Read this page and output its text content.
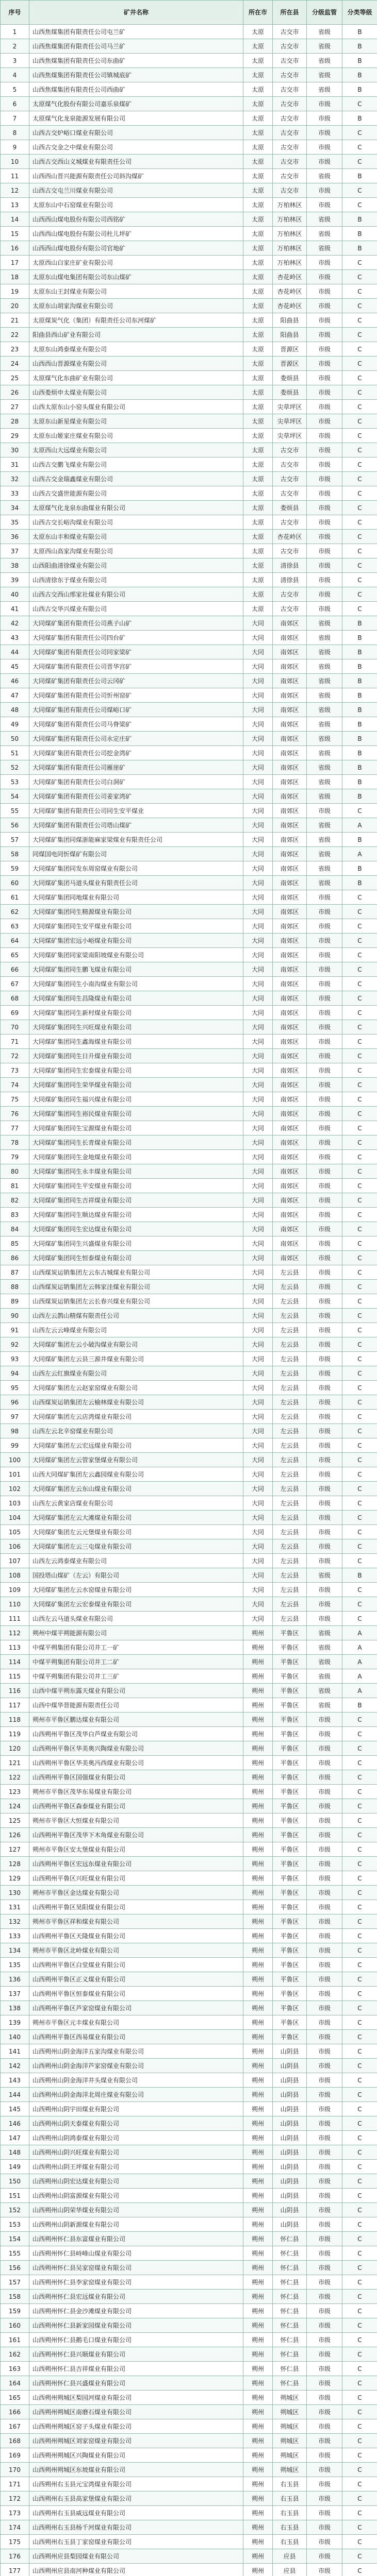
序号	矿井名称	所在市	所在县	分级监管	分类等级
1	山西焦煤集团有限责任公司屯兰矿	太原	古交市	省级	B
2	山西焦煤集团有限责任公司马兰矿	太原	古交市	省级	B
3	山西焦煤集团有限责任公司东曲矿	太原	古交市	省级	B
4	山西焦煤集团有限责任公司镇城底矿	太原	古交市	省级	B
5	山西焦煤集团有限责任公司西曲矿	太原	古交市	省级	B
6	太原煤气化股份有限公司嘉乐泉煤矿	太原	古交市	市级	C
7	太原煤气化龙泉能源发展有限公司	太原	古交市	市级	B
8	山西古交炉峪口煤业有限公司	太原	古交市	市级	C
9	山西古交金之中煤业有限公司	太原	古交市	市级	C
10	山西古交西山义城煤业有限责任公司	太原	古交市	市级	C
11	山西西山晋兴能源有限责任公司斜沟煤矿	太原	古交市	省级	B
12	山西古交屯兰川煤业有限公司	太原	古交市	市级	C
13	太原东山中石窑煤业有限公司	太原	万柏林区	市级	C
14	山西西山煤电股份有限公司西铭矿	太原	万柏林区	省级	B
15	山西西山煤电股份有限公司杜儿坪矿	太原	万柏林区	省级	B
16	山西西山煤电股份有限公司官地矿	太原	万柏林区	省级	B
17	太原西山白家庄矿业有限公司	太原	万柏林区	市级	C
18	太原东山煤电集团有限公司东山煤矿	太原	杏花岭区	市级	C
19	太原东山王封煤业有限公司	太原	杏花岭区	市级	C
20	太原东山胡家沟煤业有限公司	太原	杏花岭区	市级	C
21	太原煤炭气化（集团）有限责任公司东河煤矿	太原	阳曲县	市级	C
22	阳曲县西山矿业有限公司	太原	阳曲县	市级	C
23	太原东山鸿泰煤业有限公司	太原	晋源区	市级	C
24	山西西山晋源煤业有限公司	太原	晋源区	市级	C
25	太原煤气化东曲矿业有限公司	太原	娄烦县	市级	C
26	山西娄烦申太煤业有限公司	太原	娄烦县	市级	C
27	山西太原东山小窑头煤业有限公司	太原	尖草坪区	市级	C
28	太原东山新星煤业有限公司	太原	尖草坪区	市级	C
29	太原东山姬家庄煤业有限公司	太原	尖草坪区	市级	C
30	太原西山大远煤业有限公司	太原	古交市	市级	C
31	山西古交鹏飞煤业有限公司	太原	古交市	市级	C
32	山西古交金瑞鑫煤业有限公司	太原	古交市	市级	C
33	山西古交盛世能源有限公司	太原	古交市	市级	C
34	太原煤气化龙泉东曲煤业有限公司	太原	娄烦县	市级	C
35	山西古交长峪沟煤业有限公司	太原	古交市	市级	C
36	太原东山丰和煤业有限公司	太原	杏花岭区	市级	C
37	太原西山高家沟煤业有限公司	太原	古交市	市级	C
38	山西阳曲清徐煤业有限公司	太原	清徐县	市级	C
39	山西清徐东于煤业有限公司	太原	清徐县	市级	C
40	山西古交西山邢家社煤业有限公司	太原	古交市	市级	C
41	山西古交华兴煤业有限公司	太原	古交市	市级	C
42	大同煤矿集团有限责任公司燕子山矿	大同	南郊区	省级	B
43	大同煤矿集团有限责任公司四台矿	大同	南郊区	省级	B
44	大同煤矿集团有限责任公司同家梁矿	大同	南郊区	省级	B
45	大同煤矿集团有限责任公司晋华宫矿	大同	南郊区	省级	B
46	大同煤矿集团有限责任公司云冈矿	大同	南郊区	省级	B
47	大同煤矿集团有限责任公司忻州窑矿	大同	南郊区	省级	B
48	大同煤矿集团有限责任公司煤峪口矿	大同	南郊区	省级	B
49	大同煤矿集团有限责任公司马脊梁矿	大同	南郊区	省级	B
50	大同煤矿集团有限责任公司永定庄矿	大同	南郊区	省级	B
51	大同煤矿集团有限责任公司挖金湾矿	大同	南郊区	省级	B
52	大同煤矿集团有限责任公司雁崖矿	大同	南郊区	省级	B
53	大同煤矿集团有限责任公司白洞矿	大同	南郊区	省级	B
54	大同煤矿集团有限责任公司姜家湾矿	大同	南郊区	省级	B
55	大同煤矿集团有限责任公司同生安平煤业	大同	南郊区	市级	C
56	大同煤矿集团有限责任公司塔山煤矿	大同	南郊区	省级	A
57	大同煤矿集团同煤浙能麻家梁煤业有限责任公司	大同	南郊区	省级	B
58	同煤国电同忻煤矿有限公司	大同	南郊区	省级	A
59	大同煤矿集团同发东周窑煤业有限公司	大同	南郊区	省级	B
60	大同煤矿集团马道头煤业有限责任公司	大同	南郊区	省级	B
61	大同煤矿集团同地煤业有限公司	大同	南郊区	市级	C
62	大同煤矿集团同生精源煤业有限公司	大同	南郊区	市级	C
63	大同煤矿集团同生安平煤业有限公司	大同	南郊区	市级	C
64	大同煤矿集团宏远小峪煤业有限公司	大同	南郊区	市级	C
65	大同煤矿集团同家梁南阳坡煤业有限公司	大同	南郊区	市级	C
66	大同煤矿集团同生鹏飞煤业有限公司	大同	南郊区	市级	C
67	大同煤矿集团同生小南沟煤业有限公司	大同	南郊区	市级	C
68	大同煤矿集团同生昌隆煤业有限公司	大同	南郊区	市级	C
69	大同煤矿集团同生新村煤业有限公司	大同	南郊区	市级	C
70	大同煤矿集团同生兴旺煤业有限公司	大同	南郊区	市级	C
71	大同煤矿集团同生鑫海煤业有限公司	大同	南郊区	市级	C
72	大同煤矿集团同生日升煤业有限公司	大同	南郊区	市级	C
73	大同煤矿集团同生宏泰煤业有限公司	大同	南郊区	市级	C
74	大同煤矿集团同生荣华煤业有限公司	大同	南郊区	市级	C
75	大同煤矿集团同生福兴煤业有限公司	大同	南郊区	市级	C
76	大同煤矿集团同生裕民煤业有限公司	大同	南郊区	市级	C
77	大同煤矿集团同生宝源煤业有限公司	大同	南郊区	市级	C
78	大同煤矿集团同生长青煤业有限公司	大同	南郊区	市级	C
79	大同煤矿集团同生金地煤业有限公司	大同	南郊区	市级	C
80	大同煤矿集团同生永丰煤业有限公司	大同	南郊区	市级	C
81	大同煤矿集团同生平安煤业有限公司	大同	南郊区	市级	C
82	大同煤矿集团同生吉祥煤业有限公司	大同	南郊区	市级	C
83	大同煤矿集团同生顺达煤业有限公司	大同	南郊区	市级	C
84	大同煤矿集团同生宏达煤业有限公司	大同	南郊区	市级	C
85	大同煤矿集团同生兴盛煤业有限公司	大同	南郊区	市级	C
86	大同煤矿集团同生恒泰煤业有限公司	大同	南郊区	市级	C
87	山西煤炭运销集团左云东古城煤业有限公司	大同	左云县	市级	C
88	山西煤炭运销集团左云韩家洼煤业有限公司	大同	左云县	市级	C
89	山西煤炭运销集团左云长春兴煤业有限公司	大同	左云县	市级	C
90	山西左云鹊山精煤有限责任公司	大同	左云县	市级	C
91	山西左云云峰煤业有限公司	大同	左云县	市级	C
92	大同煤矿集团左云小破沟煤业有限公司	大同	左云县	市级	C
93	大同煤矿集团左云县三源井煤业有限公司	大同	左云县	市级	C
94	山西左云红旗煤业有限公司	大同	左云县	市级	C
95	大同煤矿集团左云赵家窑煤业有限公司	大同	左云县	市级	C
96	山西煤炭运销集团左云榆林煤业有限公司	大同	左云县	市级	C
97	大同煤矿集团左云店湾煤业有限公司	大同	左云县	市级	C
98	山西左云北辛窑煤业有限公司	大同	左云县	市级	C
99	大同煤矿集团左云宏远煤业有限公司	大同	左云县	市级	C
100	大同煤矿集团左云管家堡煤业有限公司	大同	左云县	市级	C
101	山西大同煤矿集团左云鑫园煤业有限公司	大同	左云县	市级	C
102	大同煤矿集团左云东山煤业有限公司	大同	左云县	市级	C
103	山西左云黄家店煤业有限公司	大同	左云县	市级	C
104	大同煤矿集团左云大滩煤业有限公司	大同	左云县	市级	C
105	大同煤矿集团左云元堡煤业有限公司	大同	左云县	市级	C
106	大同煤矿集团左云三屯煤业有限公司	大同	左云县	市级	C
107	山西左云鸿泰煤业有限公司	大同	左云县	市级	C
108	国投塔山煤矿（左云）有限公司	大同	左云县	省级	B
109	大同煤矿集团左云水窑煤业有限公司	大同	左云县	市级	C
110	大同煤矿集团左云宏泰煤业有限公司	大同	左云县	市级	C
111	山西左云马道头煤业有限公司	大同	左云县	市级	C
112	朔州中煤平朔能源有限公司	朔州	平鲁区	省级	A
113	中煤平朔集团有限公司井工一矿	朔州	平鲁区	省级	A
114	中煤平朔集团有限公司井工二矿	朔州	平鲁区	省级	A
115	中煤平朔集团有限公司井工三矿	朔州	平鲁区	省级	A
116	山西中煤平朔东露天煤业有限公司	朔州	平鲁区	省级	A
117	山西中煤华晋能源有限责任公司	朔州	平鲁区	省级	B
118	朔州市平鲁区鹏达煤业有限公司	朔州	平鲁区	市级	C
119	山西朔州平鲁区茂华白芦煤业有限公司	朔州	平鲁区	市级	C
120	山西朔州平鲁区华美奥兴陶煤业有限公司	朔州	平鲁区	市级	C
121	山西朔州平鲁区华美奥冯西煤业有限公司	朔州	平鲁区	市级	C
122	山西朔州平鲁区国强煤业有限公司	朔州	平鲁区	市级	C
123	朔州市平鲁区茂华东易煤业有限公司	朔州	平鲁区	市级	C
124	山西朔州平鲁区森泰煤业有限公司	朔州	平鲁区	市级	C
125	朔州市平鲁区大恒煤业有限公司	朔州	平鲁区	市级	C
126	山西朔州平鲁区茂华下木角煤业有限公司	朔州	平鲁区	市级	C
127	朔州市平鲁区安太堡煤业有限公司	朔州	平鲁区	市级	C
128	山西朔州平鲁区宏远东煤业有限公司	朔州	平鲁区	市级	C
129	山西朔州平鲁区兴旺煤业有限公司	朔州	平鲁区	市级	C
130	朔州市平鲁区金达煤业有限公司	朔州	平鲁区	市级	C
131	山西朔州平鲁区昊阳煤业有限公司	朔州	平鲁区	市级	C
132	朔州市平鲁区祥和煤业有限公司	朔州	平鲁区	市级	C
133	山西朔州平鲁区天隆煤业有限公司	朔州	平鲁区	市级	C
134	朔州市平鲁区北岭煤业有限公司	朔州	平鲁区	市级	C
135	山西朔州平鲁区白堂煤业有限公司	朔州	平鲁区	市级	C
136	山西朔州平鲁区正义煤业有限公司	朔州	平鲁区	市级	C
137	山西朔州平鲁区恒泰煤业有限公司	朔州	平鲁区	市级	C
138	山西朔州平鲁区芦家窑煤业有限公司	朔州	平鲁区	市级	C
139	朔州市平鲁区元丰煤业有限公司	朔州	平鲁区	市级	C
140	山西朔州平鲁区西易煤业有限公司	朔州	平鲁区	市级	C
141	山西朔州山阴金海洋五家沟煤业有限公司	朔州	山阴县	市级	C
142	山西朔州山阴金海洋芦家窑煤业有限公司	朔州	山阴县	市级	C
143	山西朔州山阴金海洋井头煤业有限公司	朔州	山阴县	市级	C
144	山西朔州山阴金海洋北周庄煤业有限公司	朔州	山阴县	市级	C
145	山西朔州山阴宇田煤业有限公司	朔州	山阴县	市级	C
146	山西朔州山阴天泰煤业有限公司	朔州	山阴县	市级	C
147	山西朔州山阴鸿泰煤业有限公司	朔州	山阴县	市级	C
148	山西朔州山阴兴旺煤业有限公司	朔州	山阴县	市级	C
149	山西朔州山阴王坪煤业有限公司	朔州	山阴县	市级	C
150	山西朔州山阴宏达煤业有限公司	朔州	山阴县	市级	C
151	山西朔州山阴富源煤业有限公司	朔州	山阴县	市级	C
152	山西朔州山阴荣华煤业有限公司	朔州	山阴县	市级	C
153	山西朔州山阴新源煤业有限公司	朔州	山阴县	市级	C
154	山西朔州怀仁县东富煤业有限公司	朔州	怀仁县	市级	C
155	山西朔州怀仁县峙峰山煤业有限公司	朔州	怀仁县	市级	C
156	山西朔州怀仁县吴家窑煤业有限公司	朔州	怀仁县	市级	C
157	山西朔州怀仁县李家窑煤业有限公司	朔州	怀仁县	市级	C
158	山西朔州怀仁县宏远煤业有限公司	朔州	怀仁县	市级	C
159	山西朔州怀仁县金沙滩煤业有限公司	朔州	怀仁县	市级	C
160	山西朔州怀仁县新家园煤业有限公司	朔州	怀仁县	市级	C
161	山西朔州怀仁县鹅毛口煤业有限公司	朔州	怀仁县	市级	C
162	山西朔州怀仁县兴顺煤业有限公司	朔州	怀仁县	市级	C
163	山西朔州怀仁县吉祥煤业有限公司	朔州	怀仁县	市级	C
164	山西朔州怀仁县兴盛煤业有限公司	朔州	怀仁县	市级	C
165	山西朔州朔城区梨园河煤业有限公司	朔州	朔城区	市级	C
166	山西朔州朔城区南磨石煤业有限公司	朔州	朔城区	市级	C
167	山西朔州朔城区窑子头煤业有限公司	朔州	朔城区	市级	C
168	山西朔州朔城区刘家窑煤业有限公司	朔州	朔城区	市级	C
169	山西朔州朔城区兴陶煤业有限公司	朔州	朔城区	市级	C
170	山西朔州朔城区东坡煤业有限公司	朔州	朔城区	市级	C
171	山西朔州右玉县元宝湾煤业有限公司	朔州	右玉县	市级	C
172	山西朔州右玉县高家堡煤业有限公司	朔州	右玉县	市级	C
173	山西朔州右玉县威远煤业有限公司	朔州	右玉县	市级	C
174	山西朔州右玉县杨千河煤业有限公司	朔州	右玉县	市级	C
175	山西朔州右玉县丁家窑煤业有限公司	朔州	右玉县	市级	C
176	山西朔州应县梨园煤业有限公司	朔州	应县	市级	C
177	山西朔州应县南河种煤业有限公司	朔州	应县	市级	C
